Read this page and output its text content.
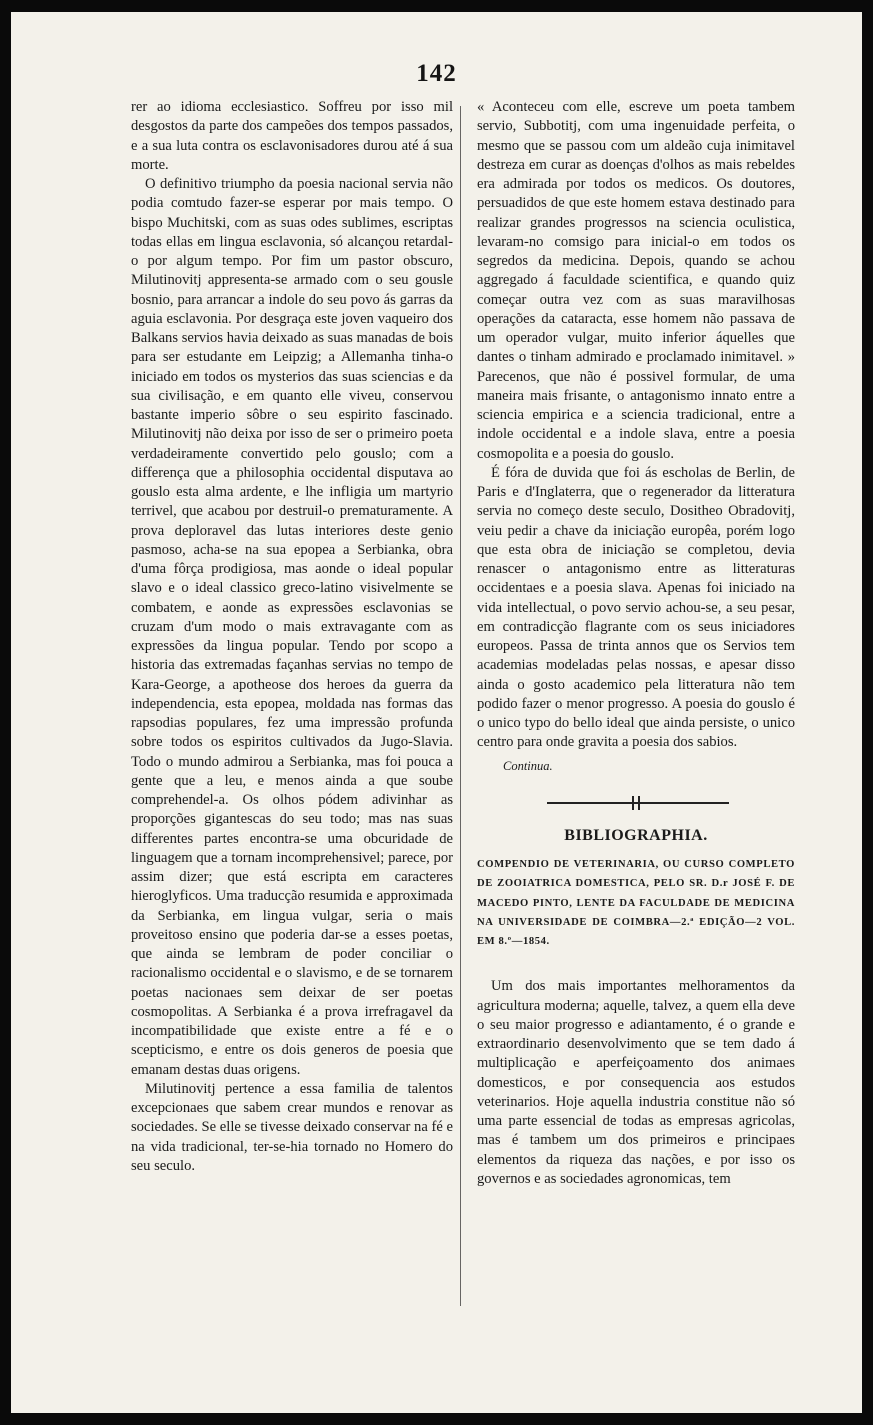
142

rer ao idioma ecclesiastico. Soffreu por isso mil desgostos da parte dos campeões dos tempos passados, e a sua luta contra os esclavonisadores durou até á sua morte.

O definitivo triumpho da poesia nacional servia não podia comtudo fazer-se esperar por mais tempo. O bispo Muchitski, com as suas odes sublimes, escriptas todas ellas em lingua esclavonia, só alcançou retardal-o por algum tempo. Por fim um pastor obscuro, Milutinovitj appresenta-se armado com o seu gousle bosnio, para arrancar a indole do seu povo ás garras da aguia esclavonia. Por desgraça este joven vaqueiro dos Balkans servios havia deixado as suas manadas de bois para ser estudante em Leipzig; a Allemanha tinha-o iniciado em todos os mysterios das suas sciencias e da sua civilisação, e em quanto elle viveu, conservou bastante imperio sôbre o seu espirito fascinado. Milutinovitj não deixa por isso de ser o primeiro poeta verdadeiramente convertido pelo gouslo; com a differença que a philosophia occidental disputava ao gouslo esta alma ardente, e lhe infligia um martyrio terrivel, que acabou por destruil-o prematuramente. A prova deploravel das lutas interiores deste genio pasmoso, acha-se na sua epopea a Serbianka, obra d'uma fôrça prodigiosa, mas aonde o ideal popular slavo e o ideal classico greco-latino visivelmente se combatem, e aonde as expressões esclavonias se cruzam d'um modo o mais extravagante com as expressões da lingua popular. Tendo por scopo a historia das extremadas façanhas servias no tempo de Kara-George, a apotheose dos heroes da guerra da independencia, esta epopea, moldada nas formas das rapsodias populares, fez uma impressão profunda sobre todos os espiritos cultivados da Jugo-Slavia. Todo o mundo admirou a Serbianka, mas foi pouca a gente que a leu, e menos ainda a que soube comprehendel-a. Os olhos pódem adivinhar as proporções gigantescas do seu todo; mas nas suas differentes partes encontra-se uma obcuridade de linguagem que a tornam incomprehensivel; parece, por assim dizer; que está escripta em caracteres hieroglyficos. Uma traducção resumida e approximada da Serbianka, em lingua vulgar, seria o mais proveitoso ensino que poderia dar-se a esses poetas, que ainda se lembram de poder conciliar o racionalismo occidental e o slavismo, e de se tornarem poetas nacionaes sem deixar de ser poetas cosmopolitas. A Serbianka é a prova irrefragavel da incompatibilidade que existe entre a fé e o scepticismo, e entre os dois generos de poesia que emanam destas duas origens.

Milutinovitj pertence a essa familia de talentos excepcionaes que sabem crear mundos e renovar as sociedades. Se elle se tivesse deixado conservar na fé e na vida tradicional, ter-se-hia tornado no Homero do seu seculo.

« Aconteceu com elle, escreve um poeta tambem servio, Subbotitj, com uma ingenuidade perfeita, o mesmo que se passou com um aldeão cuja inimitavel destreza em curar as doenças d'olhos as mais rebeldes era admirada por todos os medicos. Os doutores, persuadidos de que este homem estava destinado para realizar grandes progressos na sciencia oculistica, levaram-no comsigo para inicial-o em todos os segredos da medicina. Depois, quando se achou aggregado á faculdade scientifica, e quando quiz começar outra vez com as suas maravilhosas operações da cataracta, esse homem não passava de um operador vulgar, muito inferior áquelles que dantes o tinham admirado e proclamado inimitavel. » Parecenos, que não é possivel formular, de uma maneira mais frisante, o antagonismo innato entre a sciencia empirica e a sciencia tradicional, entre a indole occidental e a indole slava, entre a poesia cosmopolita e a poesia do gouslo.

É fóra de duvida que foi ás escholas de Berlin, de Paris e d'Inglaterra, que o regenerador da litteratura servia no começo deste seculo, Dositheo Obradovitj, veiu pedir a chave da iniciação europêa, porém logo que esta obra de iniciação se completou, devia renascer o antagonismo entre as litteraturas occidentaes e a poesia slava. Apenas foi iniciado na vida intellectual, o povo servio achou-se, a seu pesar, em contradicção flagrante com os seus iniciadores europeos. Passa de trinta annos que os Servios tem academias modeladas pelas nossas, e apesar disso ainda o gosto academico pela litteratura não tem podido fazer o menor progresso. A poesia do gouslo é o unico typo do bello ideal que ainda persiste, o unico centro para onde gravita a poesia dos sabios.

Continua.

BIBLIOGRAPHIA.

COMPENDIO DE VETERINARIA, OU CURSO COMPLETO DE ZOOIATRICA DOMESTICA, PELO SR. D.r JOSÉ F. DE MACEDO PINTO, LENTE DA FACULDADE DE MEDICINA NA UNIVERSIDADE DE COIMBRA—2.ª EDIÇÃO—2 VOL. EM 8.º—1854.

Um dos mais importantes melhoramentos da agricultura moderna; aquelle, talvez, a quem ella deve o seu maior progresso e adiantamento, é o grande e extraordinario desenvolvimento que se tem dado á multiplicação e aperfeiçoamento dos animaes domesticos, e por consequencia aos estudos veterinarios. Hoje aquella industria constitue não só uma parte essencial de todas as empresas agricolas, mas é tambem um dos primeiros e principaes elementos da riqueza das nações, e por isso os governos e as sociedades agronomicas, tem
